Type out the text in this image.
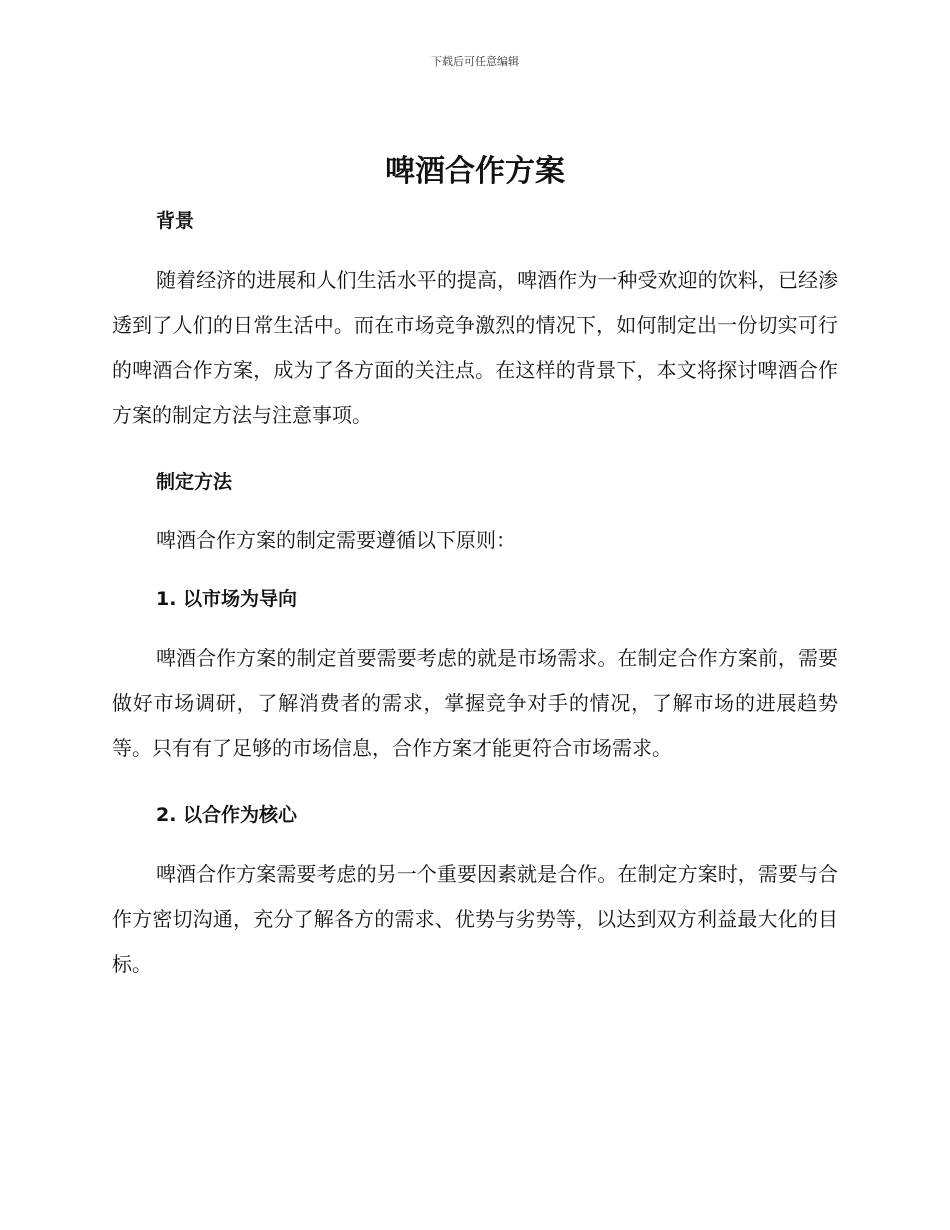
下载后可任意编辑
啤酒合作方案
背景

随着经济的进展和人们生活水平的提高，啤酒作为一种受欢迎的饮料，已经渗透到了人们的日常生活中。而在市场竞争激烈的情况下，如何制定出一份切实可行的啤酒合作方案，成为了各方面的关注点。在这样的背景下，本文将探讨啤酒合作方案的制定方法与注意事项。

制定方法

啤酒合作方案的制定需要遵循以下原则：

1. 以市场为导向

啤酒合作方案的制定首要需要考虑的就是市场需求。在制定合作方案前，需要做好市场调研，了解消费者的需求，掌握竞争对手的情况，了解市场的进展趋势等。只有有了足够的市场信息，合作方案才能更符合市场需求。

2. 以合作为核心

啤酒合作方案需要考虑的另一个重要因素就是合作。在制定方案时，需要与合作方密切沟通，充分了解各方的需求、优势与劣势等，以达到双方利益最大化的目标。
